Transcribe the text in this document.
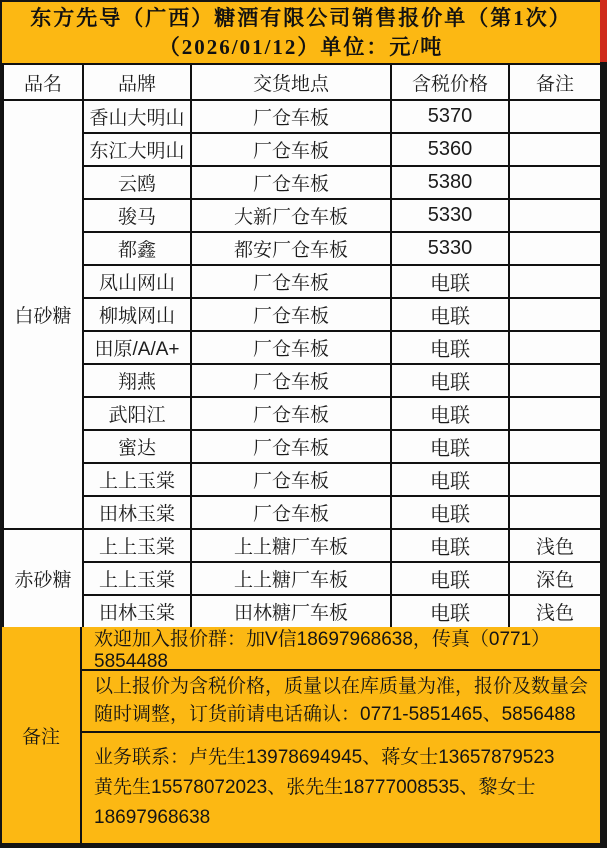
东方先导（广西）糖酒有限公司销售报价单（第1次）
（2026/01/12）单位：元/吨
品名	品牌	交货地点	含税价格	备注
白砂糖	香山大明山	厂仓车板	5370	
	东江大明山	厂仓车板	5360	
	云鸥	厂仓车板	5380	
	骏马	大新厂仓车板	5330	
	都鑫	都安厂仓车板	5330	
	凤山网山	厂仓车板	电联	
	柳城网山	厂仓车板	电联	
	田原/A/A+	厂仓车板	电联	
	翔燕	厂仓车板	电联	
	武阳江	厂仓车板	电联	
	蜜达	厂仓车板	电联	
	上上玉棠	厂仓车板	电联	
	田林玉棠	厂仓车板	电联	
赤砂糖	上上玉棠	上上糖厂车板	电联	浅色
	上上玉棠	上上糖厂车板	电联	深色
	田林玉棠	田林糖厂车板	电联	浅色
备注
欢迎加入报价群：加V信18697968638，传真（0771）5854488
以上报价为含税价格，质量以在库质量为准，报价及数量会随时调整，订货前请电话确认：0771-5851465、5856488
业务联系：卢先生13978694945、蒋女士13657879523
黄先生15578072023、张先生18777008535、黎女士18697968638
